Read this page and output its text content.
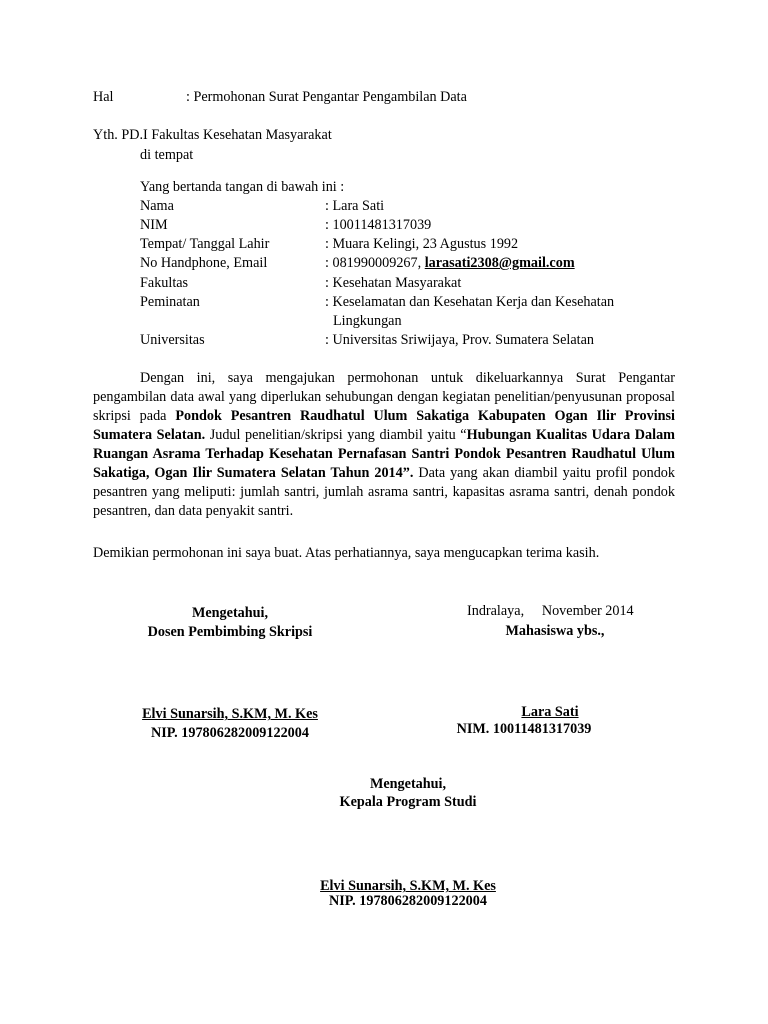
Hal	: Permohonan Surat Pengantar Pengambilan Data
Yth. PD.I Fakultas Kesehatan Masyarakat
di tempat
Yang bertanda tangan di bawah ini :
Nama	: Lara Sati
NIM	: 10011481317039
Tempat/ Tanggal Lahir	: Muara Kelingi, 23 Agustus 1992
No Handphone, Email	: 081990009267, larasati2308@gmail.com
Fakultas	: Kesehatan Masyarakat
Peminatan	: Keselamatan dan Kesehatan Kerja dan Kesehatan
Lingkungan
Universitas	: Universitas Sriwijaya, Prov. Sumatera Selatan
Dengan ini, saya mengajukan permohonan untuk dikeluarkannya Surat Pengantar pengambilan data awal yang diperlukan sehubungan dengan kegiatan penelitian/penyusunan proposal skripsi pada Pondok Pesantren Raudhatul Ulum Sakatiga Kabupaten Ogan Ilir Provinsi Sumatera Selatan. Judul penelitian/skripsi yang diambil yaitu “Hubungan Kualitas Udara Dalam Ruangan Asrama Terhadap Kesehatan Pernafasan Santri Pondok Pesantren Raudhatul Ulum Sakatiga, Ogan Ilir Sumatera Selatan Tahun 2014”. Data yang akan diambil yaitu profil pondok pesantren yang meliputi: jumlah santri, jumlah asrama santri, kapasitas asrama santri, denah pondok pesantren, dan data penyakit santri.
Demikian permohonan ini saya buat. Atas perhatiannya, saya mengucapkan terima kasih.
Mengetahui,
Dosen Pembimbing Skripsi
Elvi Sunarsih, S.KM, M. Kes
NIP. 197806282009122004
Indralaya,     November 2014
Mahasiswa ybs.,
Lara Sati
NIM. 10011481317039
Mengetahui,
Kepala Program Studi
Elvi Sunarsih, S.KM, M. Kes
NIP. 197806282009122004
